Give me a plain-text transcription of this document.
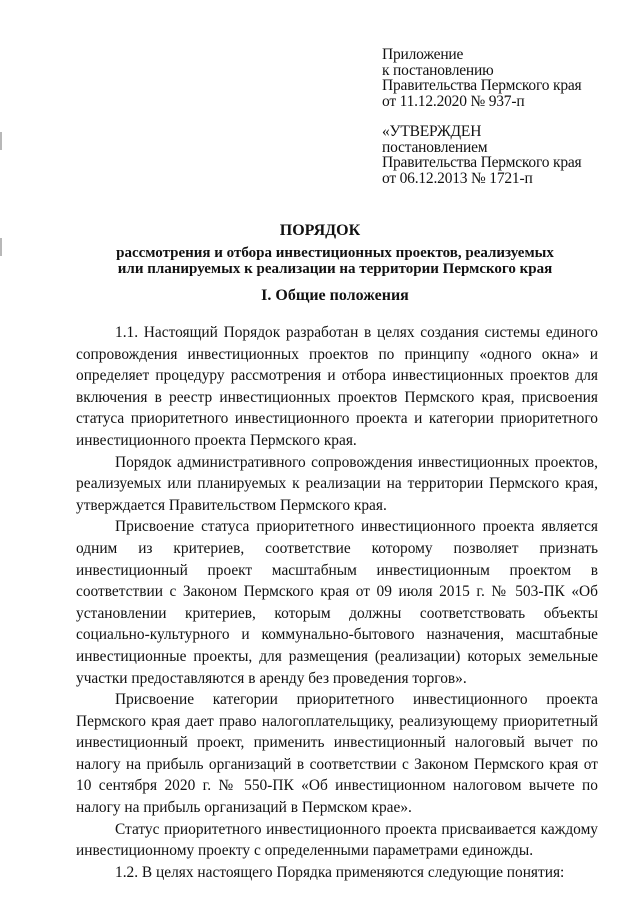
Приложение
к постановлению
Правительства Пермского края
от 11.12.2020 № 937-п
«УТВЕРЖДЕН
постановлением
Правительства Пермского края
от 06.12.2013 № 1721-п
ПОРЯДОК
рассмотрения и отбора инвестиционных проектов, реализуемых
или планируемых к реализации на территории Пермского края
I. Общие положения

1.1. Настоящий Порядок разработан в целях создания системы единого сопровождения инвестиционных проектов по принципу «одного окна» и определяет процедуру рассмотрения и отбора инвестиционных проектов для включения в реестр инвестиционных проектов Пермского края, присвоения статуса приоритетного инвестиционного проекта и категории приоритетного инвестиционного проекта Пермского края.

Порядок административного сопровождения инвестиционных проектов, реализуемых или планируемых к реализации на территории Пермского края, утверждается Правительством Пермского края.

Присвоение статуса приоритетного инвестиционного проекта является одним из критериев, соответствие которому позволяет признать инвестиционный проект масштабным инвестиционным проектом в соответствии с Законом Пермского края от 09 июля 2015 г. № 503-ПК «Об установлении критериев, которым должны соответствовать объекты социально-культурного и коммунально-бытового назначения, масштабные инвестиционные проекты, для размещения (реализации) которых земельные участки предоставляются в аренду без проведения торгов».

Присвоение категории приоритетного инвестиционного проекта Пермского края дает право налогоплательщику, реализующему приоритетный инвестиционный проект, применить инвестиционный налоговый вычет по налогу на прибыль организаций в соответствии с Законом Пермского края от 10 сентября 2020 г. № 550-ПК «Об инвестиционном налоговом вычете по налогу на прибыль организаций в Пермском крае».

Статус приоритетного инвестиционного проекта присваивается каждому инвестиционному проекту с определенными параметрами единожды.

1.2. В целях настоящего Порядка применяются следующие понятия:
